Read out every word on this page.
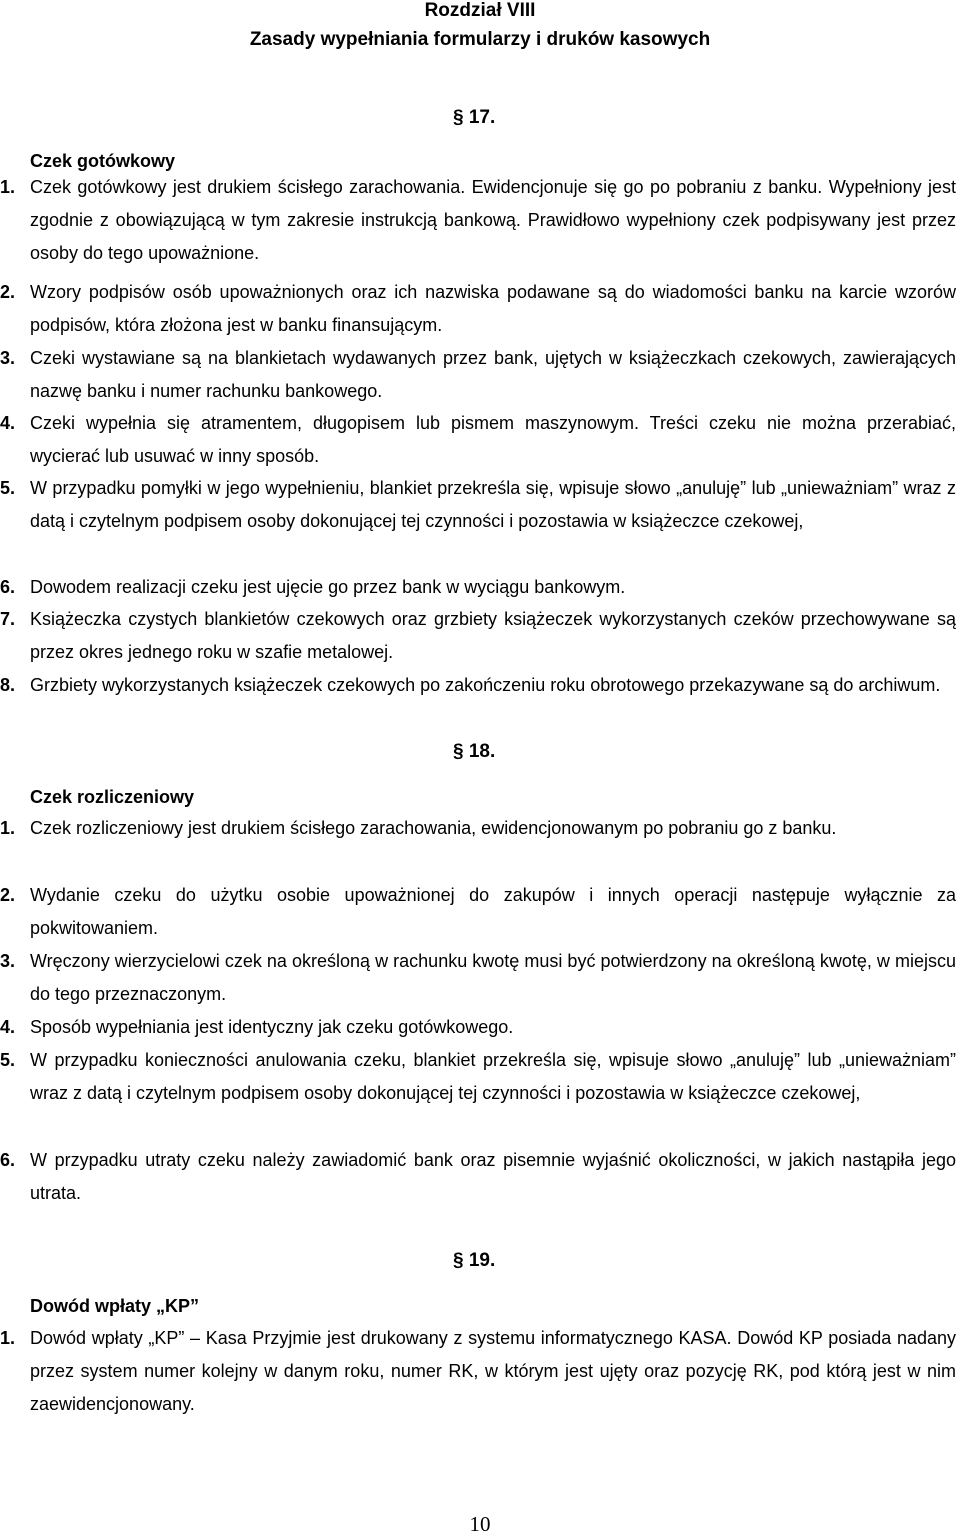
Rozdział VIII
Zasady wypełniania formularzy i druków kasowych
§ 17.
Czek gotówkowy
1. Czek gotówkowy jest drukiem ścisłego zarachowania. Ewidencjonuje się go po pobraniu z banku. Wypełniony jest zgodnie z obowiązującą w tym zakresie instrukcją bankową. Prawidłowo wypełniony czek podpisywany jest przez osoby do tego upoważnione.
2. Wzory podpisów osób upoważnionych oraz ich nazwiska podawane są do wiadomości banku na karcie wzorów podpisów, która złożona jest w banku finansującym.
3. Czeki wystawiane są na blankietach wydawanych przez bank, ujętych w książeczkach czekowych, zawierających nazwę banku i numer rachunku bankowego.
4. Czeki wypełnia się atramentem, długopisem lub pismem maszynowym. Treści czeku nie można przerabiać, wycierać lub usuwać w inny sposób.
5. W przypadku pomyłki w jego wypełnieniu, blankiet przekreśla się, wpisuje słowo „anuluję” lub „unieważniam” wraz z datą i czytelnym podpisem osoby dokonującej tej czynności i pozostawia w książeczce czekowej,
6. Dowodem realizacji czeku jest ujęcie go przez bank w wyciągu bankowym.
7. Książeczka czystych blankietów czekowych oraz grzbiety książeczek wykorzystanych czeków przechowywane są przez okres jednego roku w szafie metalowej.
8. Grzbiety wykorzystanych książeczek czekowych po zakończeniu roku obrotowego przekazywane są do archiwum.
§ 18.
Czek rozliczeniowy
1. Czek rozliczeniowy jest drukiem ścisłego zarachowania, ewidencjonowanym po pobraniu go z banku.
2. Wydanie czeku do użytku osobie upoważnionej do zakupów i innych operacji następuje wyłącznie za pokwitowaniem.
3. Wręczony wierzycielowi czek na określoną w rachunku kwotę musi być potwierdzony na określoną kwotę, w miejscu do tego przeznaczonym.
4. Sposób wypełniania jest identyczny jak czeku gotówkowego.
5. W przypadku konieczności anulowania czeku, blankiet przekreśla się, wpisuje słowo „anuluję” lub „unieważniam” wraz z datą i czytelnym podpisem osoby dokonującej tej czynności i pozostawia w książeczce czekowej,
6. W przypadku utraty czeku należy zawiadomić bank oraz pisemnie wyjaśnić okoliczności, w jakich nastąpiła jego utrata.
§ 19.
Dowód wpłaty „KP”
1. Dowód wpłaty „KP” – Kasa Przyjmie jest drukowany z systemu informatycznego KASA. Dowód KP posiada nadany przez system numer kolejny w danym roku, numer RK, w którym jest ujęty oraz pozycję RK, pod którą jest w nim zaewidencjonowany.
10
